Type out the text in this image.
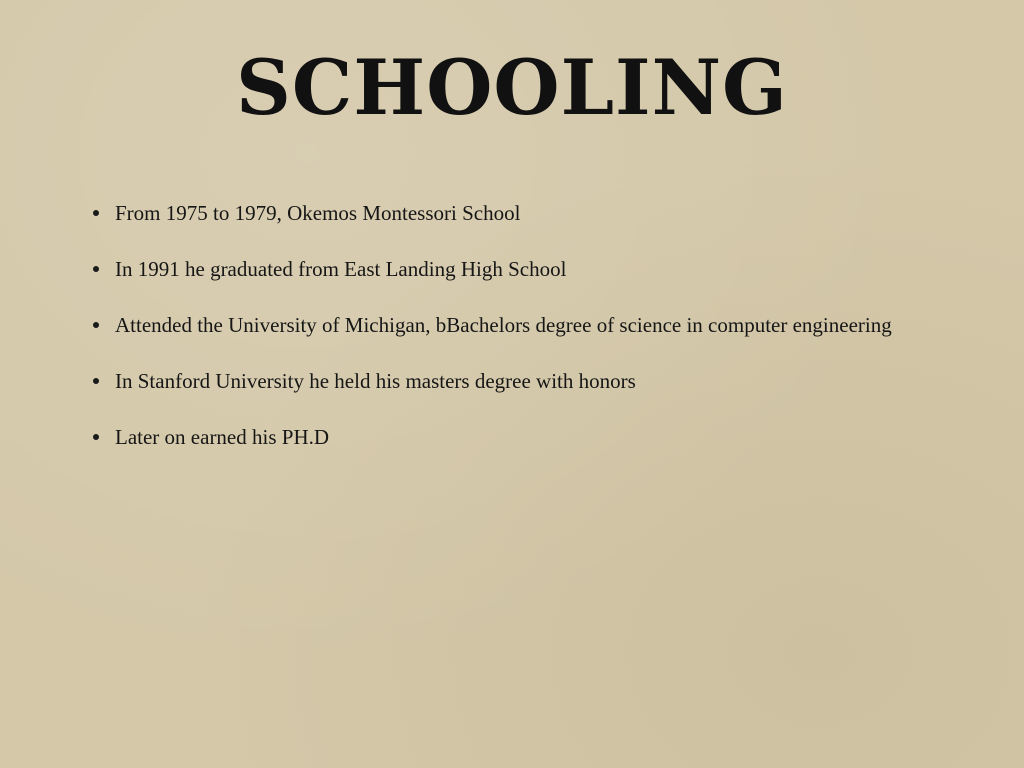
SCHOOLING
From 1975 to 1979, Okemos Montessori School
In 1991 he graduated from East Landing High School
Attended the University of Michigan, bBachelors degree of science in computer engineering
In Stanford University he held his masters degree with honors
Later on earned his PH.D
